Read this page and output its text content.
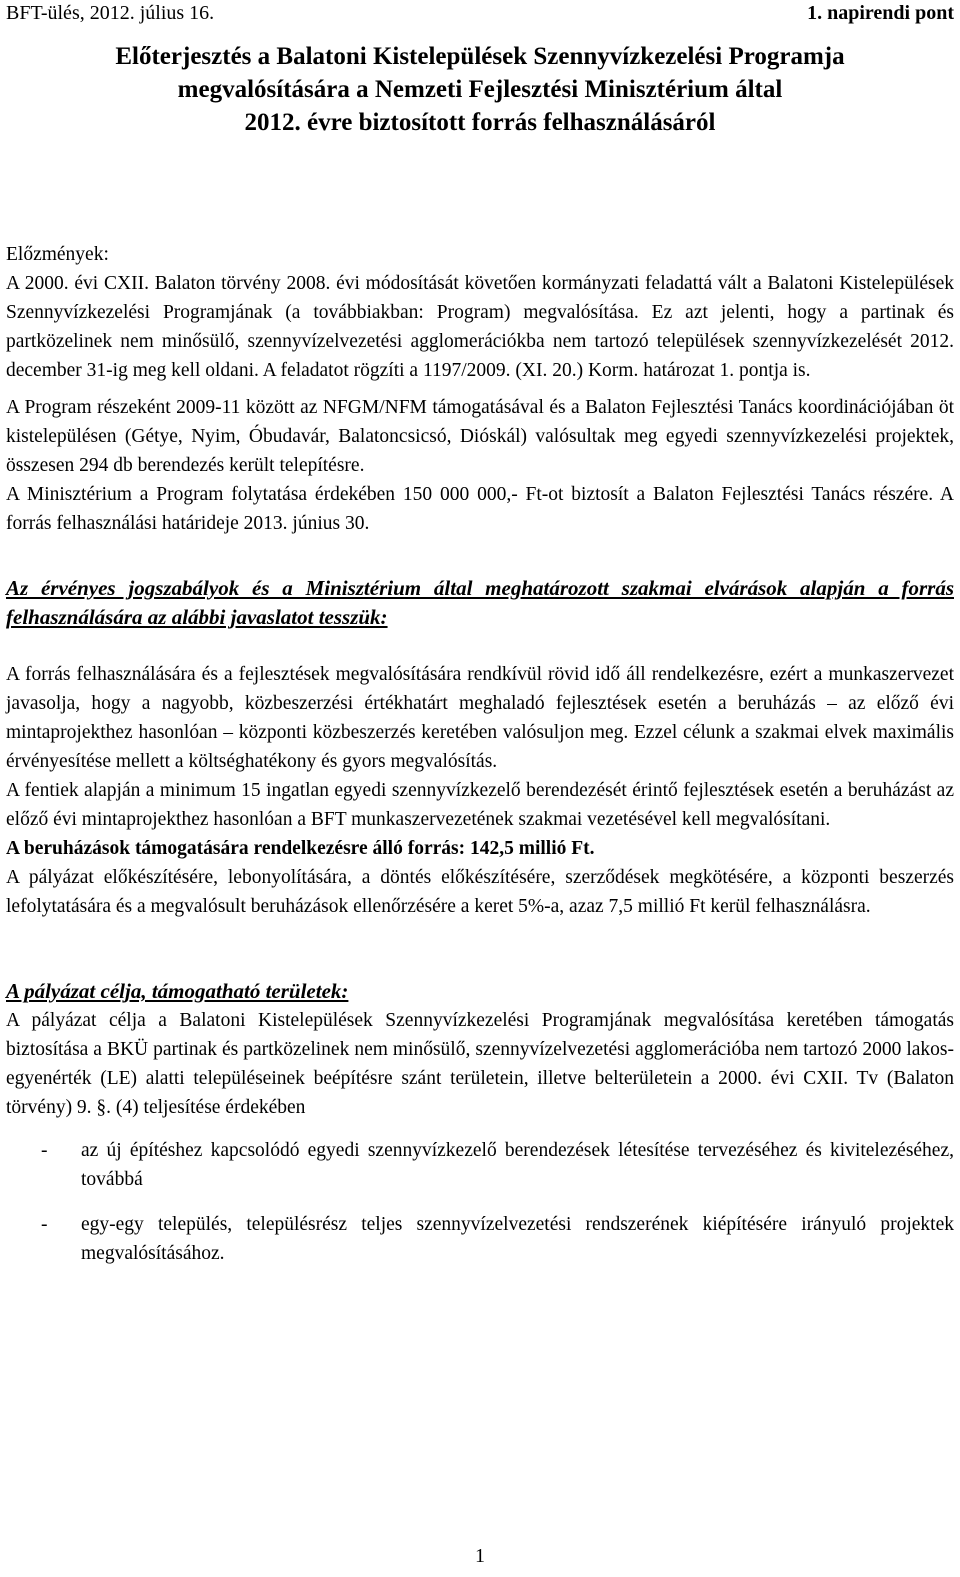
BFT-ülés, 2012. július 16.	1. napirendi pont
Előterjesztés a Balatoni Kistelepülések Szennyvízkezelési Programja
megvalósítására a Nemzeti Fejlesztési Minisztérium által
2012. évre biztosított forrás felhasználásáról
Előzmények:

A 2000. évi CXII. Balaton törvény 2008. évi módosítását követően kormányzati feladattá vált a Balatoni Kistelepülések Szennyvízkezelési Programjának (a továbbiakban: Program) megvalósítása. Ez azt jelenti, hogy a partinak és partközelinek nem minősülő, szennyvízelvezetési agglomerációkba nem tartozó települések szennyvízkezelését 2012. december 31-ig meg kell oldani. A feladatot rögzíti a 1197/2009. (XI. 20.) Korm. határozat 1. pontja is.

A Program részeként 2009-11 között az NFGM/NFM támogatásával és a Balaton Fejlesztési Tanács koordinációjában öt kistelepülésen (Gétye, Nyim, Óbudavár, Balatoncsicsó, Dióskál) valósultak meg egyedi szennyvízkezelési projektek, összesen 294 db berendezés került telepítésre.

A Minisztérium a Program folytatása érdekében 150 000 000,- Ft-ot biztosít a Balaton Fejlesztési Tanács részére. A forrás felhasználási határideje 2013. június 30.

Az érvényes jogszabályok és a Minisztérium által meghatározott szakmai elvárások alapján a forrás felhasználására az alábbi javaslatot tesszük:

A forrás felhasználására és a fejlesztések megvalósítására rendkívül rövid idő áll rendelkezésre, ezért a munkaszervezet javasolja, hogy a nagyobb, közbeszerzési értékhatárt meghaladó fejlesztések esetén a beruházás – az előző évi mintaprojekthez hasonlóan – központi közbeszerzés keretében valósuljon meg. Ezzel célunk a szakmai elvek maximális érvényesítése mellett a költséghatékony és gyors megvalósítás.

A fentiek alapján a minimum 15 ingatlan egyedi szennyvízkezelő berendezését érintő fejlesztések esetén a beruházást az előző évi mintaprojekthez hasonlóan a BFT munkaszervezetének szakmai vezetésével kell megvalósítani.

A beruházások támogatására rendelkezésre álló forrás: 142,5 millió Ft.

A pályázat előkészítésére, lebonyolítására, a döntés előkészítésére, szerződések megkötésére, a központi beszerzés lefolytatására és a megvalósult beruházások ellenőrzésére a keret 5%-a, azaz 7,5 millió Ft kerül felhasználásra.

A pályázat célja, támogatható területek:

A pályázat célja a Balatoni Kistelepülések Szennyvízkezelési Programjának megvalósítása keretében támogatás biztosítása a BKÜ partinak és partközelinek nem minősülő, szennyvízelvezetési agglomerációba nem tartozó 2000 lakos-egyenérték (LE) alatti településeinek beépítésre szánt területein, illetve belterületein a 2000. évi CXII. Tv (Balaton törvény) 9. §. (4) teljesítése érdekében

- az új építéshez kapcsolódó egyedi szennyvízkezelő berendezések létesítése tervezéséhez és kivitelezéséhez, továbbá
- egy-egy település, településrész teljes szennyvízelvezetési rendszerének kiépítésére irányuló projektek megvalósításához.
1
